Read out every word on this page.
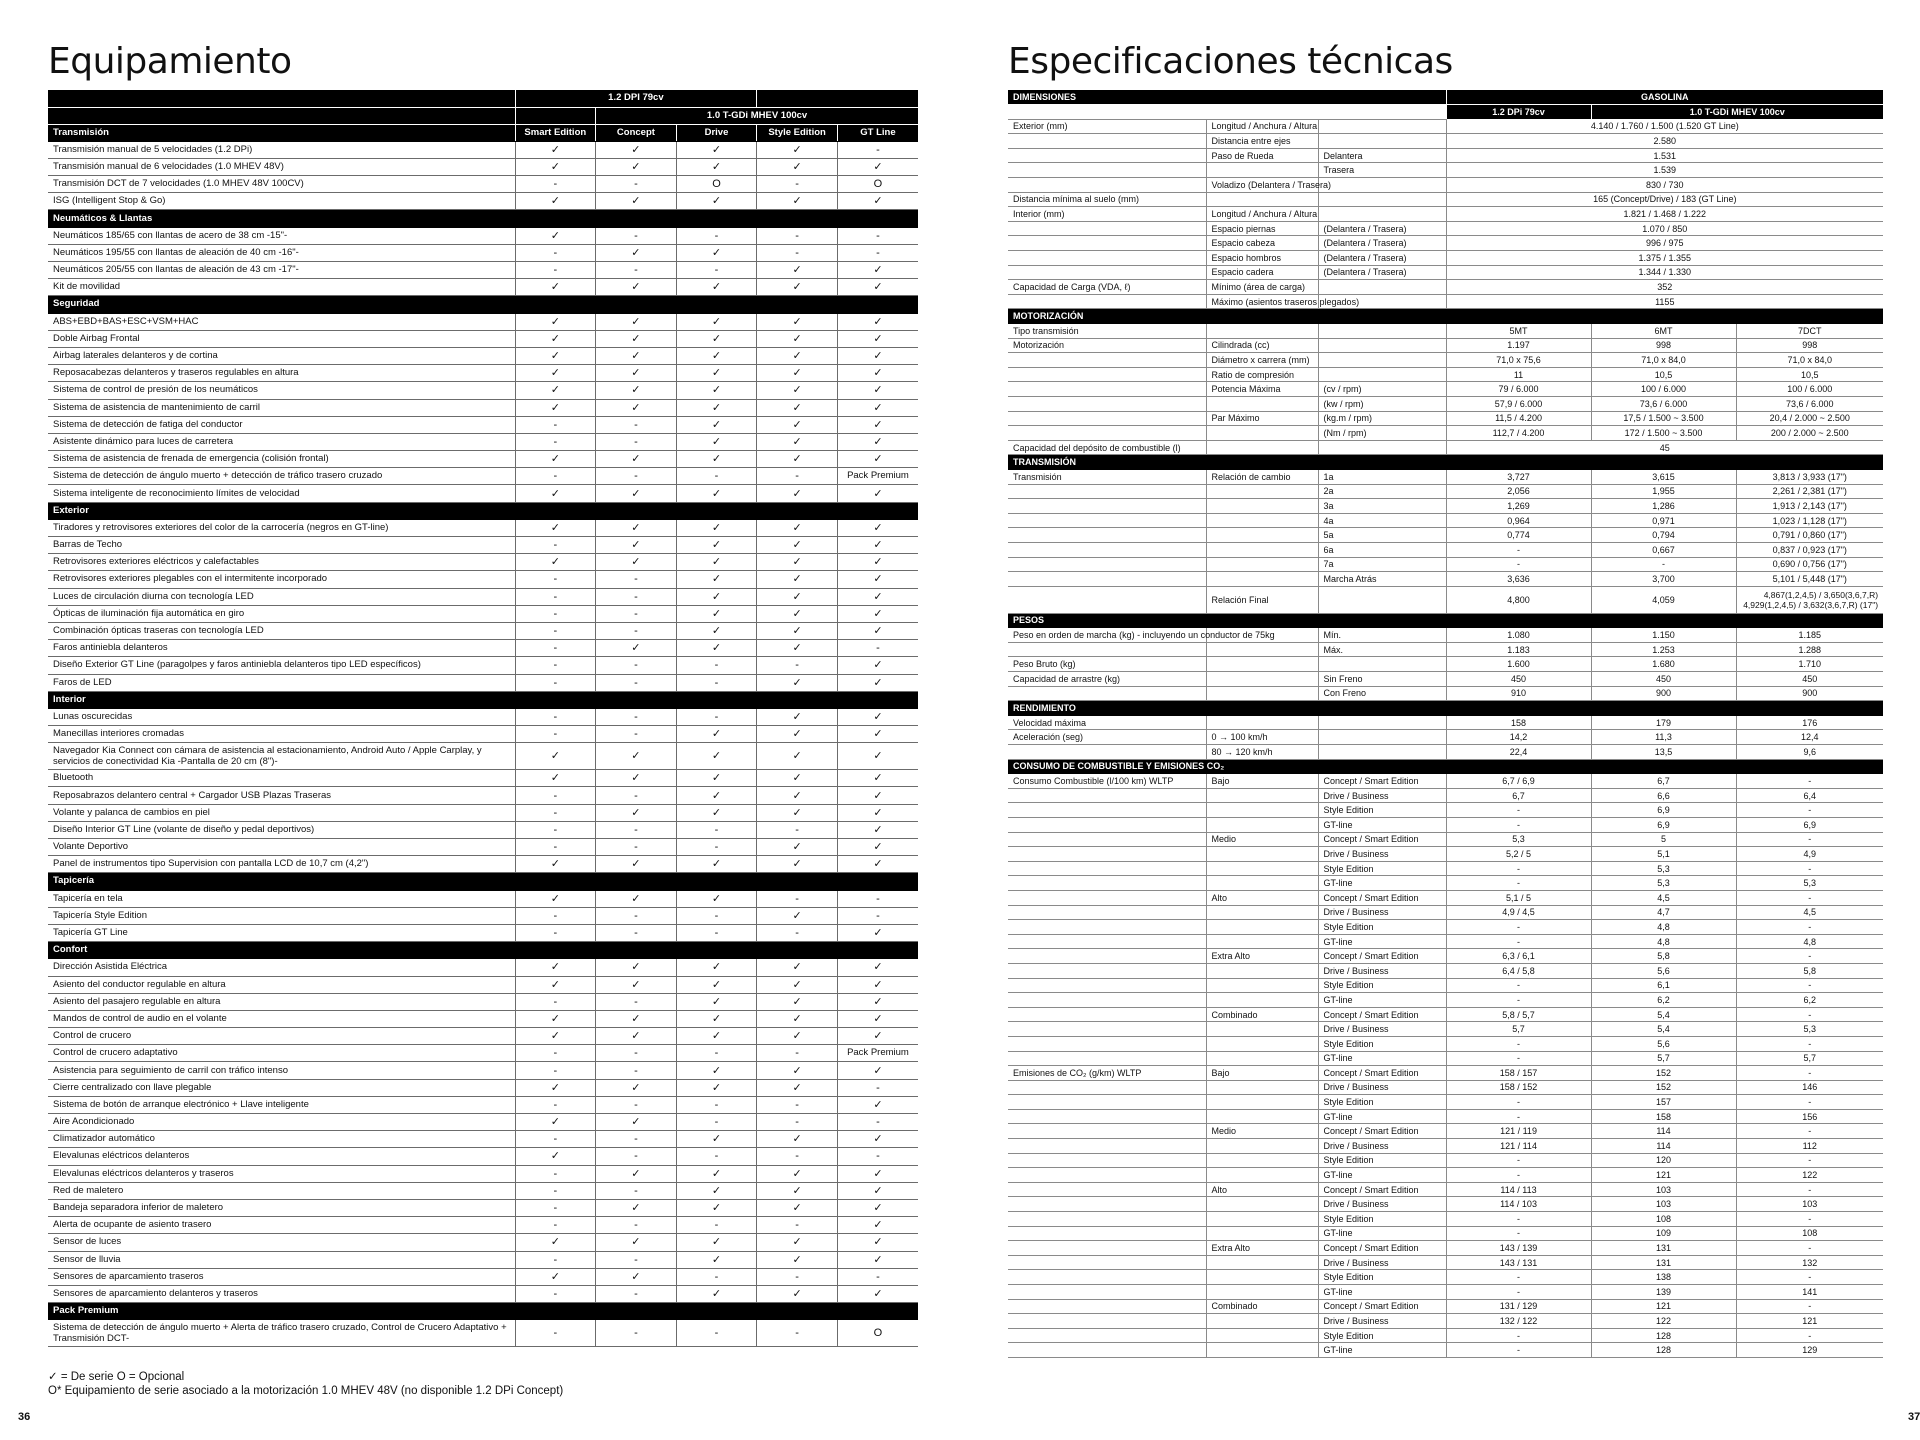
Equipamiento
	1.2 DPI 79cv				
		1.0 T-GDi MHEV 100cv			
Transmisión	Smart Edition	Concept	Drive	Style Edition	GT Line
Transmisión manual de 5 velocidades (1.2 DPi)	✓	✓	✓	✓	-
Transmisión manual de 6 velocidades (1.0 MHEV 48V)	✓	✓	✓	✓	✓
Transmisión DCT de 7 velocidades (1.0 MHEV 48V 100CV)	-	-	O	-	O
ISG (Intelligent Stop & Go)	✓	✓	✓	✓	✓
Neumáticos & Llantas					
Neumáticos 185/65 con llantas de acero de 38 cm -15"-	✓	-	-	-	-
Neumáticos 195/55 con llantas de aleación de 40 cm -16"-	-	✓	✓	-	-
Neumáticos 205/55 con llantas de aleación de 43 cm -17"-	-	-	-	✓	✓
Kit de movilidad	✓	✓	✓	✓	✓
Seguridad					
ABS+EBD+BAS+ESC+VSM+HAC	✓	✓	✓	✓	✓
Doble Airbag Frontal	✓	✓	✓	✓	✓
Airbag laterales delanteros y de cortina	✓	✓	✓	✓	✓
Reposacabezas delanteros y traseros regulables en altura	✓	✓	✓	✓	✓
Sistema de control de presión de los neumáticos	✓	✓	✓	✓	✓
Sistema de asistencia de mantenimiento de carril	✓	✓	✓	✓	✓
Sistema de detección de fatiga del conductor	-	-	✓	✓	✓
Asistente dinámico para luces de carretera	-	-	✓	✓	✓
Sistema de asistencia de frenada de emergencia (colisión frontal)	✓	✓	✓	✓	✓
Sistema de detección de ángulo muerto + detección de tráfico trasero cruzado	-	-	-	-	Pack Premium
Sistema inteligente de reconocimiento límites de velocidad	✓	✓	✓	✓	✓
Exterior					
Tiradores y retrovisores exteriores del color de la carrocería (negros en GT-line)	✓	✓	✓	✓	✓
Barras de Techo	-	✓	✓	✓	✓
Retrovisores exteriores eléctricos y calefactables	✓	✓	✓	✓	✓
Retrovisores exteriores plegables con el intermitente incorporado	-	-	✓	✓	✓
Luces de circulación diurna con tecnología LED	-	-	✓	✓	✓
Ópticas de iluminación fija automática en giro	-	-	✓	✓	✓
Combinación ópticas traseras con tecnología LED	-	-	✓	✓	✓
Faros antiniebla delanteros	-	✓	✓	✓	-
Diseño Exterior GT Line (paragolpes y faros antiniebla delanteros tipo LED específicos)	-	-	-	-	✓
Faros de LED	-	-	-	✓	✓
Interior					
Lunas oscurecidas	-	-	-	✓	✓
Manecillas interiores cromadas	-	-	✓	✓	✓
Navegador Kia Connect con cámara de asistencia al estacionamiento, Android Auto / Apple Carplay, y servicios de conectividad Kia -Pantalla de 20 cm (8")-	✓	✓	✓	✓	✓
Bluetooth	✓	✓	✓	✓	✓
Reposabrazos delantero central + Cargador USB Plazas Traseras	-	-	✓	✓	✓
Volante y palanca de cambios en piel	-	✓	✓	✓	✓
Diseño Interior GT Line (volante de diseño y pedal deportivos)	-	-	-	-	✓
Volante Deportivo	-	-	-	✓	✓
Panel de instrumentos tipo Supervision con pantalla LCD de 10,7 cm (4,2")	✓	✓	✓	✓	✓
Tapicería					
Tapicería en tela	✓	✓	✓	-	-
Tapicería Style Edition	-	-	-	✓	-
Tapicería GT Line	-	-	-	-	✓
Confort					
Dirección Asistida Eléctrica	✓	✓	✓	✓	✓
Asiento del conductor regulable en altura	✓	✓	✓	✓	✓
Asiento del pasajero regulable en altura	-	-	✓	✓	✓
Mandos de control de audio en el volante	✓	✓	✓	✓	✓
Control de crucero	✓	✓	✓	✓	✓
Control de crucero adaptativo	-	-	-	-	Pack Premium
Asistencia para seguimiento de carril con tráfico intenso	-	-	✓	✓	✓
Cierre centralizado con llave plegable	✓	✓	✓	✓	-
Sistema de botón de arranque electrónico + Llave inteligente	-	-	-	-	✓
Aire Acondicionado	✓	✓	-	-	-
Climatizador automático	-	-	✓	✓	✓
Elevalunas eléctricos delanteros	✓	-	-	-	-
Elevalunas eléctricos delanteros y traseros	-	✓	✓	✓	✓
Red de maletero	-	-	✓	✓	✓
Bandeja separadora inferior de maletero	-	✓	✓	✓	✓
Alerta de ocupante de asiento trasero	-	-	-	-	✓
Sensor de luces	✓	✓	✓	✓	✓
Sensor de lluvia	-	-	✓	✓	✓
Sensores de aparcamiento traseros	✓	✓	-	-	-
Sensores de aparcamiento delanteros y traseros	-	-	✓	✓	✓
Pack Premium					
Sistema de detección de ángulo muerto + Alerta de tráfico trasero cruzado, Control de Crucero Adaptativo + Transmisión DCT-	-	-	-	-	O
✓ = De serie O = Opcional
O* Equipamiento de serie asociado a la motorización 1.0 MHEV 48V (no disponible 1.2 DPi Concept)
36
Especificaciones técnicas
DIMENSIONES			GASOLINA		
			1.2 DPi 79cv	1.0 T-GDi MHEV 100cv	
Exterior (mm)	Longitud / Anchura / Altura		4.140 / 1.760 / 1.500 (1.520 GT Line)		
	Distancia entre ejes		2.580		
	Paso de Rueda	Delantera	1.531		
		Trasera	1.539		
	Voladizo (Delantera / Trasera)		830 / 730		
Distancia mínima al suelo (mm)			165 (Concept/Drive) / 183 (GT Line)		
Interior (mm)	Longitud / Anchura / Altura		1.821 / 1.468 / 1.222		
	Espacio piernas	(Delantera / Trasera)	1.070 / 850		
	Espacio cabeza	(Delantera / Trasera)	996 / 975		
	Espacio hombros	(Delantera / Trasera)	1.375 / 1.355		
	Espacio cadera	(Delantera / Trasera)	1.344 / 1.330		
Capacidad de Carga (VDA, ℓ)	Mínimo (área de carga)		352		
	Máximo (asientos traseros plegados)		1155		
MOTORIZACIÓN					
Tipo transmisión			5MT	6MT	7DCT
Motorización	Cilindrada (cc)		1.197	998	998
	Diámetro x carrera (mm)		71,0 x 75,6	71,0 x 84,0	71,0 x 84,0
	Ratio de compresión		11	10,5	10,5
	Potencia Máxima	(cv / rpm)	79 / 6.000	100 / 6.000	100 / 6.000
		(kw / rpm)	57,9 / 6.000	73,6 / 6.000	73,6 / 6.000
	Par Máximo	(kg.m / rpm)	11,5 / 4.200	17,5 / 1.500 ~ 3.500	20,4 / 2.000 ~ 2.500
		(Nm / rpm)	112,7 / 4.200	172 / 1.500 ~ 3.500	200 / 2.000 ~ 2.500
Capacidad del depósito de combustible (l)			45		
TRANSMISIÓN					
Transmisión	Relación de cambio	1a	3,727	3,615	3,813 / 3,933 (17")
		2a	2,056	1,955	2,261 / 2,381 (17")
		3a	1,269	1,286	1,913 / 2,143 (17")
		4a	0,964	0,971	1,023 / 1,128 (17")
		5a	0,774	0,794	0,791 / 0,860 (17")
		6a	-	0,667	0,837 / 0,923 (17")
		7a	-	-	0,690 / 0,756 (17")
		Marcha Atrás	3,636	3,700	5,101 / 5,448 (17")
	Relación Final		4,800	4,059	4,867(1,2,4,5) / 3,650(3,6,7,R) 4,929(1,2,4,5) / 3,632(3,6,7,R) (17")
PESOS					
Peso en orden de marcha (kg) - incluyendo un conductor de 75kg		Mín.	1.080	1.150	1.185
		Máx.	1.183	1.253	1.288
Peso Bruto (kg)			1.600	1.680	1.710
Capacidad de arrastre (kg)		Sin Freno	450	450	450
		Con Freno	910	900	900
RENDIMIENTO					
Velocidad máxima			158	179	176
Aceleración (seg)	0 → 100 km/h		14,2	11,3	12,4
	80 → 120 km/h		22,4	13,5	9,6
CONSUMO DE COMBUSTIBLE Y EMISIONES CO₂					
Consumo Combustible (l/100 km) WLTP	Bajo	Concept / Smart Edition	6,7 / 6,9	6,7	-
		Drive / Business	6,7	6,6	6,4
		Style Edition	-	6,9	-
		GT-line	-	6,9	6,9
	Medio	Concept / Smart Edition	5,3	5	-
		Drive / Business	5,2 / 5	5,1	4,9
		Style Edition	-	5,3	-
		GT-line	-	5,3	5,3
	Alto	Concept / Smart Edition	5,1 / 5	4,5	-
		Drive / Business	4,9 / 4,5	4,7	4,5
		Style Edition	-	4,8	-
		GT-line	-	4,8	4,8
	Extra Alto	Concept / Smart Edition	6,3 / 6,1	5,8	-
		Drive / Business	6,4 / 5,8	5,6	5,8
		Style Edition	-	6,1	-
		GT-line	-	6,2	6,2
	Combinado	Concept / Smart Edition	5,8 / 5,7	5,4	-
		Drive / Business	5,7	5,4	5,3
		Style Edition	-	5,6	-
		GT-line	-	5,7	5,7
Emisiones de CO₂ (g/km) WLTP	Bajo	Concept / Smart Edition	158 / 157	152	-
		Drive / Business	158 / 152	152	146
		Style Edition	-	157	-
		GT-line	-	158	156
	Medio	Concept / Smart Edition	121 / 119	114	-
		Drive / Business	121 / 114	114	112
		Style Edition	-	120	-
		GT-line	-	121	122
	Alto	Concept / Smart Edition	114 / 113	103	-
		Drive / Business	114 / 103	103	103
		Style Edition	-	108	-
		GT-line	-	109	108
	Extra Alto	Concept / Smart Edition	143 / 139	131	-
		Drive / Business	143 / 131	131	132
		Style Edition	-	138	-
		GT-line	-	139	141
	Combinado	Concept / Smart Edition	131 / 129	121	-
		Drive / Business	132 / 122	122	121
		Style Edition	-	128	-
		GT-line	-	128	129
37
